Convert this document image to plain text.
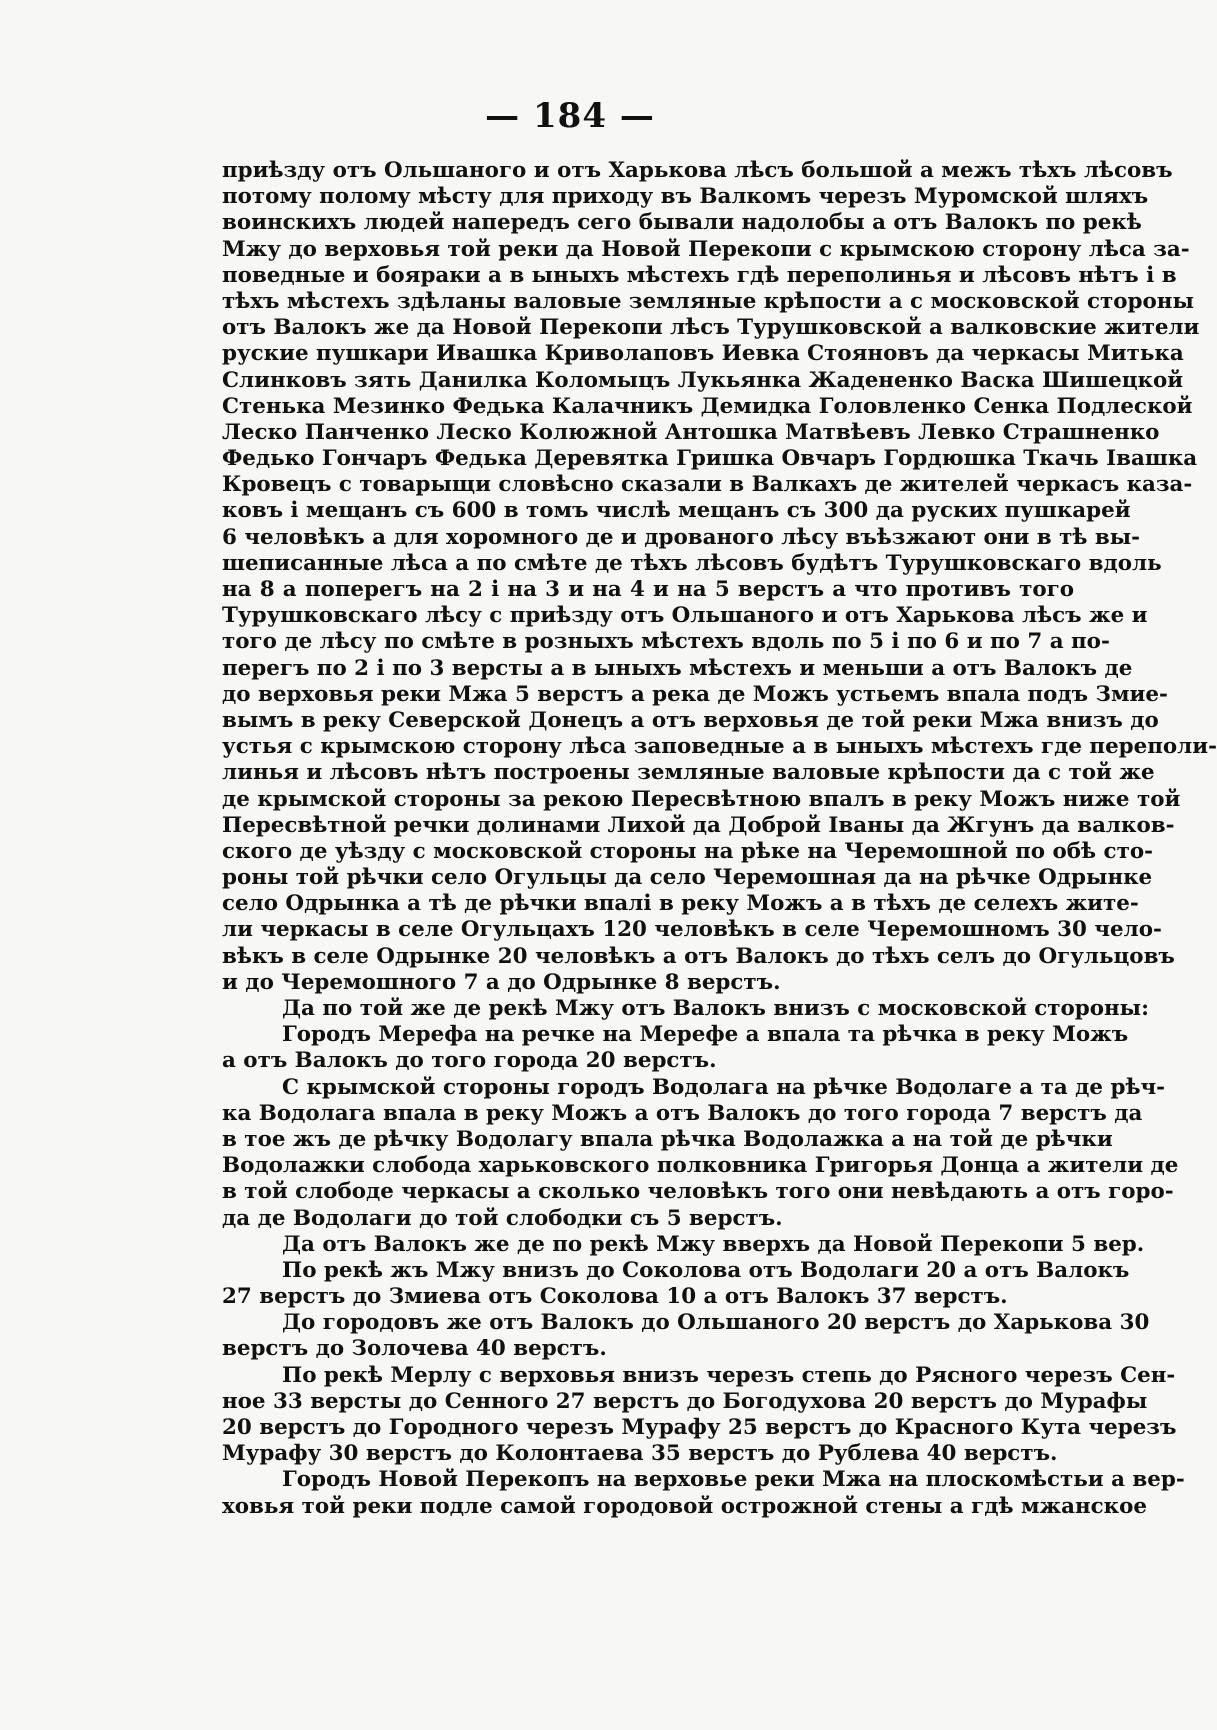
— 184 —
приѣзду отъ Ольшаного и отъ Харькова лѣсъ большой а межъ тѣхъ лѣсовъ
потому полому мѣсту для приходу въ Валкомъ черезъ Муромской шляхъ
воинскихъ людей напередъ сего бывали надолобы а отъ Валокъ по рекѣ
Мжу до верховья той реки да Новой Перекопи с крымскою сторону лѣса за-
поведные и бояраки а в ыныхъ мѣстехъ гдѣ переполинья и лѣсовъ нѣтъ і в
тѣхъ мѣстехъ здѣланы валовые земляные крѣпости а с московской стороны
отъ Валокъ же да Новой Перекопи лѣсъ Турушковской а валковские жители
руские пушкари Ивашка Криволаповъ Иевка Стояновъ да черкасы Митька
Слинковъ зять Данилка Коломыцъ Лукьянка Жадененко Васка Шишецкой
Стенька Мезинко Федька Калачникъ Демидка Головленко Сенка Подлеской
Леско Панченко Леско Колюжной Антошка Матвѣевъ Левко Страшненко
Федько Гончаръ Федька Деревятка Гришка Овчаръ Гордюшка Ткачь Івашка
Кровецъ с товарыщи словѣсно сказали в Валкахъ де жителей черкасъ каза-
ковъ і мещанъ съ 600 в томъ числѣ мещанъ съ 300 да руских пушкарей
6 человѣкъ а для хоромного де и дрованого лѣсу въѣзжают они в тѣ вы-
шеписанные лѣса а по смѣте де тѣхъ лѣсовъ будѣтъ Турушковскаго вдоль
на 8 а поперегъ на 2 і на 3 и на 4 и на 5 верстъ а что противъ того
Турушковскаго лѣсу с приѣзду отъ Ольшаного и отъ Харькова лѣсъ же и
того де лѣсу по смѣте в розныхъ мѣстехъ вдоль по 5 і по 6 и по 7 а по-
перегъ по 2 і по 3 версты а в ыныхъ мѣстехъ и меньши а отъ Валокъ де
до верховья реки Мжа 5 верстъ а река де Можъ устьемъ впала подъ Змие-
вымъ в реку Северской Донецъ а отъ верховья де той реки Мжа внизъ до
устья с крымскою сторону лѣса заповедные а в ыныхъ мѣстехъ где переполи-
линья и лѣсовъ нѣтъ построены земляные валовые крѣпости да с той же
де крымской стороны за рекою Пересвѣтною впалъ в реку Можъ ниже той
Пересвѣтной речки долинами Лихой да Доброй Іваны да Жгунъ да валков-
ского де уѣзду с московской стороны на рѣке на Черемошной по обѣ сто-
роны той рѣчки село Огульцы да село Черемошная да на рѣчке Одрынке
село Одрынка а тѣ де рѣчки впалі в реку Можъ а в тѣхъ де селехъ жите-
ли черкасы в селе Огульцахъ 120 человѣкъ в селе Черемошномъ 30 чело-
вѣкъ в селе Одрынке 20 человѣкъ а отъ Валокъ до тѣхъ селъ до Огульцовъ
и до Черемошного 7 а до Одрынке 8 верстъ.
Да по той же де рекѣ Мжу отъ Валокъ внизъ с московской стороны:
Городъ Мерефа на речке на Мерефе а впала та рѣчка в реку Можъ
а отъ Валокъ до того города 20 верстъ.
С крымской стороны городъ Водолага на рѣчке Водолаге а та де рѣч-
ка Водолага впала в реку Можъ а отъ Валокъ до того города 7 верстъ да
в тое жъ де рѣчку Водолагу впала рѣчка Водолажка а на той де рѣчки
Водолажки слобода харьковского полковника Григорья Донца а жители де
в той слободе черкасы а сколько человѣкъ того они невѣдають а отъ горо-
да де Водолаги до той слободки съ 5 верстъ.
Да отъ Валокъ же де по рекѣ Мжу вверхъ да Новой Перекопи 5 вер.
По рекѣ жъ Мжу внизъ до Соколова отъ Водолаги 20 а отъ Валокъ
27 верстъ до Змиева отъ Соколова 10 а отъ Валокъ 37 верстъ.
До городовъ же отъ Валокъ до Ольшаного 20 верстъ до Харькова 30
верстъ до Золочева 40 верстъ.
По рекѣ Мерлу с верховья внизъ черезъ степь до Рясного черезъ Сен-
ное 33 версты до Сенного 27 верстъ до Богодухова 20 верстъ до Мурафы
20 верстъ до Городного черезъ Мурафу 25 верстъ до Красного Кута черезъ
Мурафу 30 верстъ до Колонтаева 35 верстъ до Рублева 40 верстъ.
Городъ Новой Перекопъ на верховье реки Мжа на плоскомѣстьи а вер-
ховья той реки подле самой городовой острожной стены а гдѣ мжанское
